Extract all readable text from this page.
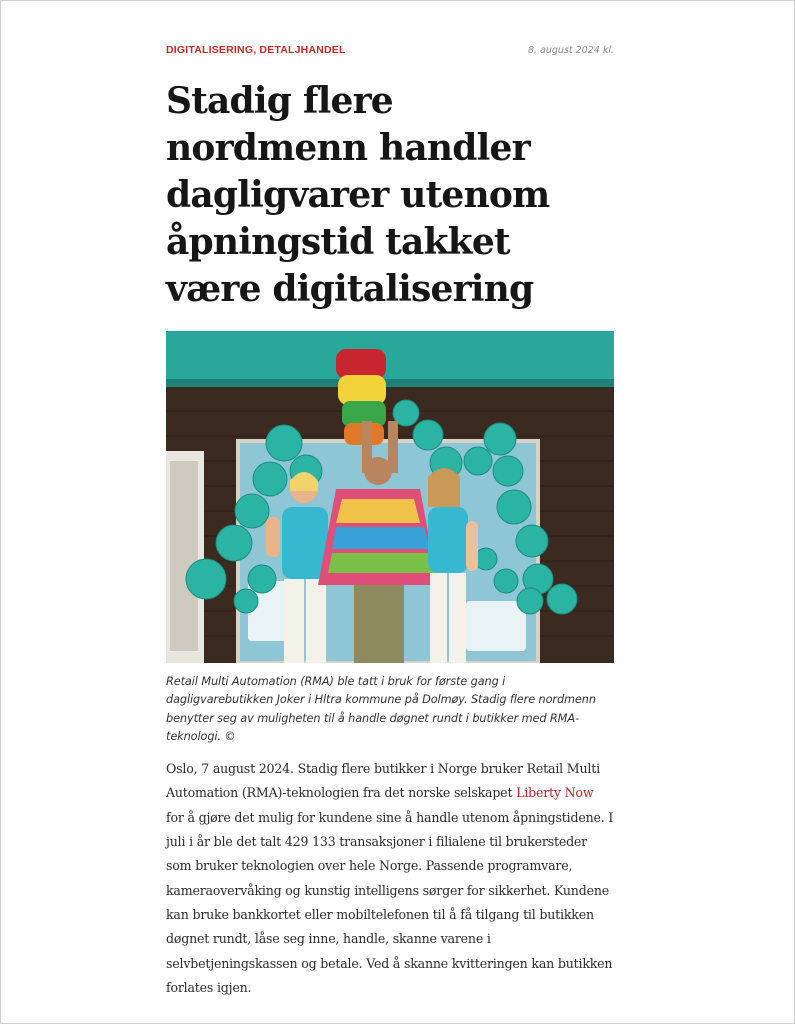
DIGITALISERING, DETALJHANDEL	8. august 2024 kl.
Stadig flere nordmenn handler dagligvarer utenom åpningstid takket være digitalisering
Retail Multi Automation (RMA) ble tatt i bruk for første gang i dagligvarebutikken Joker i Hltra kommune på Dolmøy. Stadig flere nordmenn benytter seg av muligheten til å handle døgnet rundt i butikker med RMA-teknologi. ©

Oslo, 7 august 2024. Stadig flere butikker i Norge bruker Retail Multi Automation (RMA)-teknologien fra det norske selskapet Liberty Now for å gjøre det mulig for kundene sine å handle utenom åpningstidene. I juli i år ble det talt 429 133 transaksjoner i filialene til brukersteder som bruker teknologien over hele Norge. Passende programvare, kameraovervåking og kunstig intelligens sørger for sikkerhet. Kundene kan bruke bankkortet eller mobiltelefonen til å få tilgang til butikken døgnet rundt, låse seg inne, handle, skanne varene i selvbetjeningskassen og betale. Ved å skanne kvitteringen kan butikken forlates igjen.
